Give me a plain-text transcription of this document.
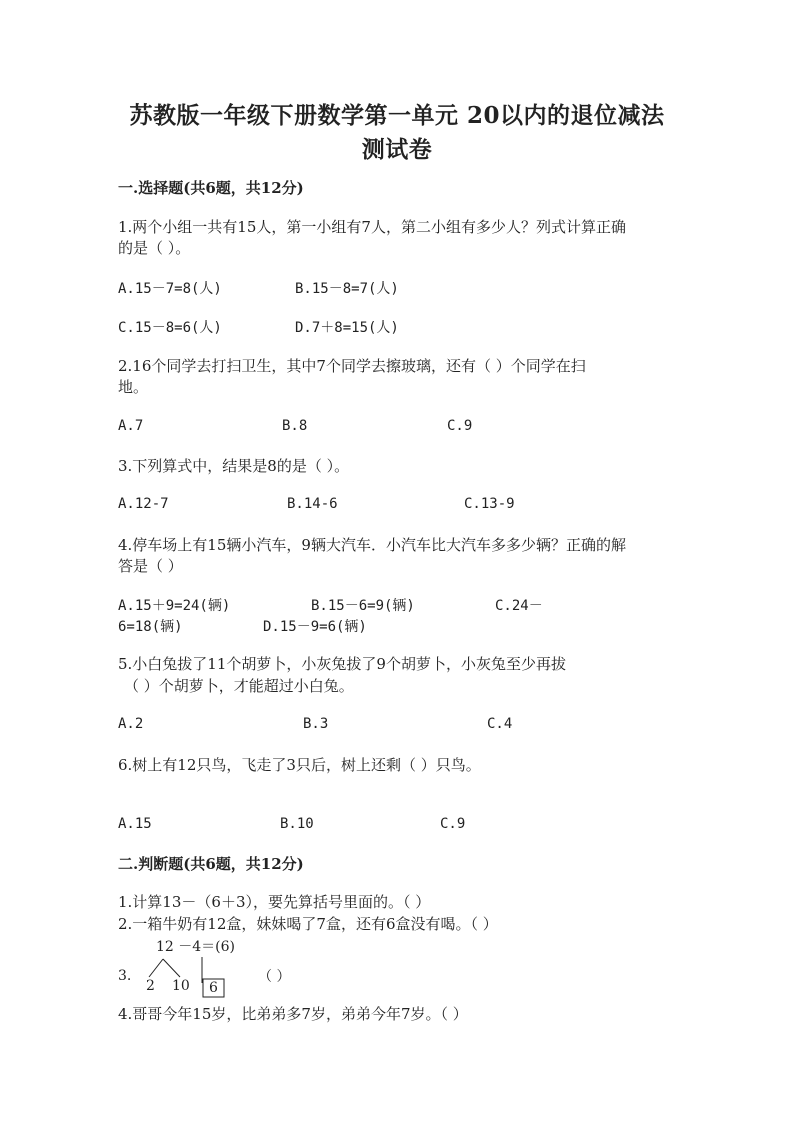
苏教版一年级下册数学第一单元 20以内的退位减法
测试卷
一.选择题(共6题，共12分)
1.两个小组一共有15人，第一小组有7人，第二小组有多少人？列式计算正确
的是（ ）。
A.15－7=8(人)	B.15－8=7(人)
C.15－8=6(人)	D.7＋8=15(人)
2.16个同学去打扫卫生，其中7个同学去擦玻璃，还有（ ）个同学在扫
地。
A.7	B.8	C.9
3.下列算式中，结果是8的是（ ）。
A.12-7	B.14-6	C.13-9
4.停车场上有15辆小汽车，9辆大汽车．小汽车比大汽车多多少辆？正确的解
答是（ ）
A.15＋9=24(辆)	B.15－6=9(辆)	C.24－
6=18(辆)	D.15－9=6(辆)
5.小白兔拔了11个胡萝卜，小灰兔拔了9个胡萝卜，小灰兔至少再拔
（ ）个胡萝卜，才能超过小白兔。
A.2	B.3	C.4
6.树上有12只鸟，飞走了3只后，树上还剩（ ）只鸟。
A.15	B.10	C.9
二.判断题(共6题，共12分)
1.计算13－（6＋3），要先算括号里面的。（ ）
2.一箱牛奶有12盒，妹妹喝了7盒，还有6盒没有喝。（ ）
3.
12 －4＝(6)
2 10 6
（ ）
4.哥哥今年15岁，比弟弟多7岁，弟弟今年7岁。（ ）
